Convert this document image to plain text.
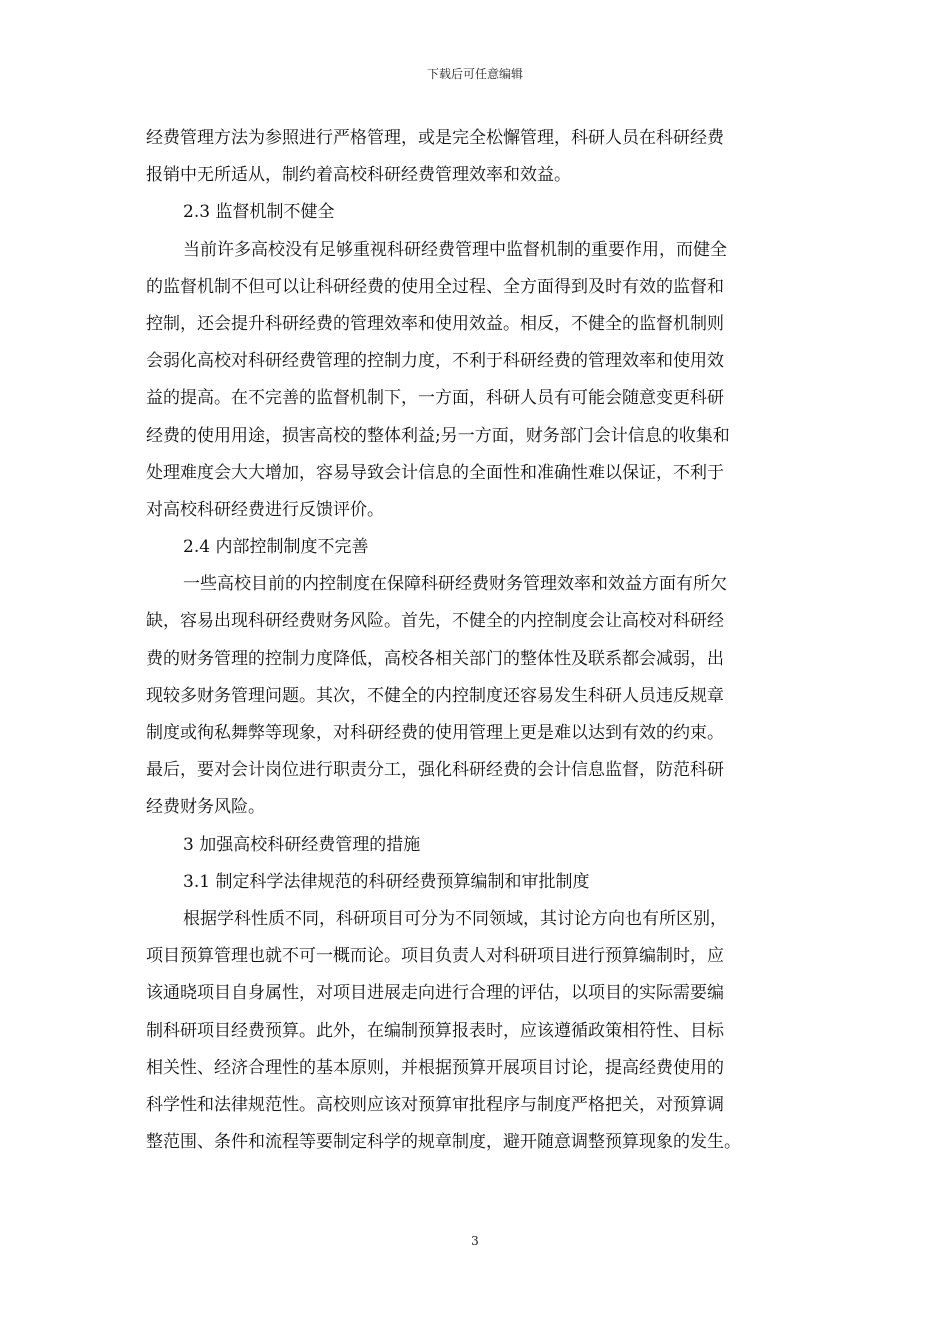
下载后可任意编辑
经费管理方法为参照进行严格管理，或是完全松懈管理，科研人员在科研经费
报销中无所适从，制约着高校科研经费管理效率和效益。
2.3 监督机制不健全
当前许多高校没有足够重视科研经费管理中监督机制的重要作用，而健全
的监督机制不但可以让科研经费的使用全过程、全方面得到及时有效的监督和
控制，还会提升科研经费的管理效率和使用效益。相反，不健全的监督机制则
会弱化高校对科研经费管理的控制力度，不利于科研经费的管理效率和使用效
益的提高。在不完善的监督机制下，一方面，科研人员有可能会随意变更科研
经费的使用用途，损害高校的整体利益;另一方面，财务部门会计信息的收集和
处理难度会大大增加，容易导致会计信息的全面性和准确性难以保证，不利于
对高校科研经费进行反馈评价。
2.4 内部控制制度不完善
一些高校目前的内控制度在保障科研经费财务管理效率和效益方面有所欠
缺，容易出现科研经费财务风险。首先，不健全的内控制度会让高校对科研经
费的财务管理的控制力度降低，高校各相关部门的整体性及联系都会减弱，出
现较多财务管理问题。其次，不健全的内控制度还容易发生科研人员违反规章
制度或徇私舞弊等现象，对科研经费的使用管理上更是难以达到有效的约束。
最后，要对会计岗位进行职责分工，强化科研经费的会计信息监督，防范科研
经费财务风险。
3 加强高校科研经费管理的措施
3.1 制定科学法律规范的科研经费预算编制和审批制度
根据学科性质不同，科研项目可分为不同领域，其讨论方向也有所区别，
项目预算管理也就不可一概而论。项目负责人对科研项目进行预算编制时，应
该通晓项目自身属性，对项目进展走向进行合理的评估，以项目的实际需要编
制科研项目经费预算。此外，在编制预算报表时，应该遵循政策相符性、目标
相关性、经济合理性的基本原则，并根据预算开展项目讨论，提高经费使用的
科学性和法律规范性。高校则应该对预算审批程序与制度严格把关，对预算调
整范围、条件和流程等要制定科学的规章制度，避开随意调整预算现象的发生。
3
